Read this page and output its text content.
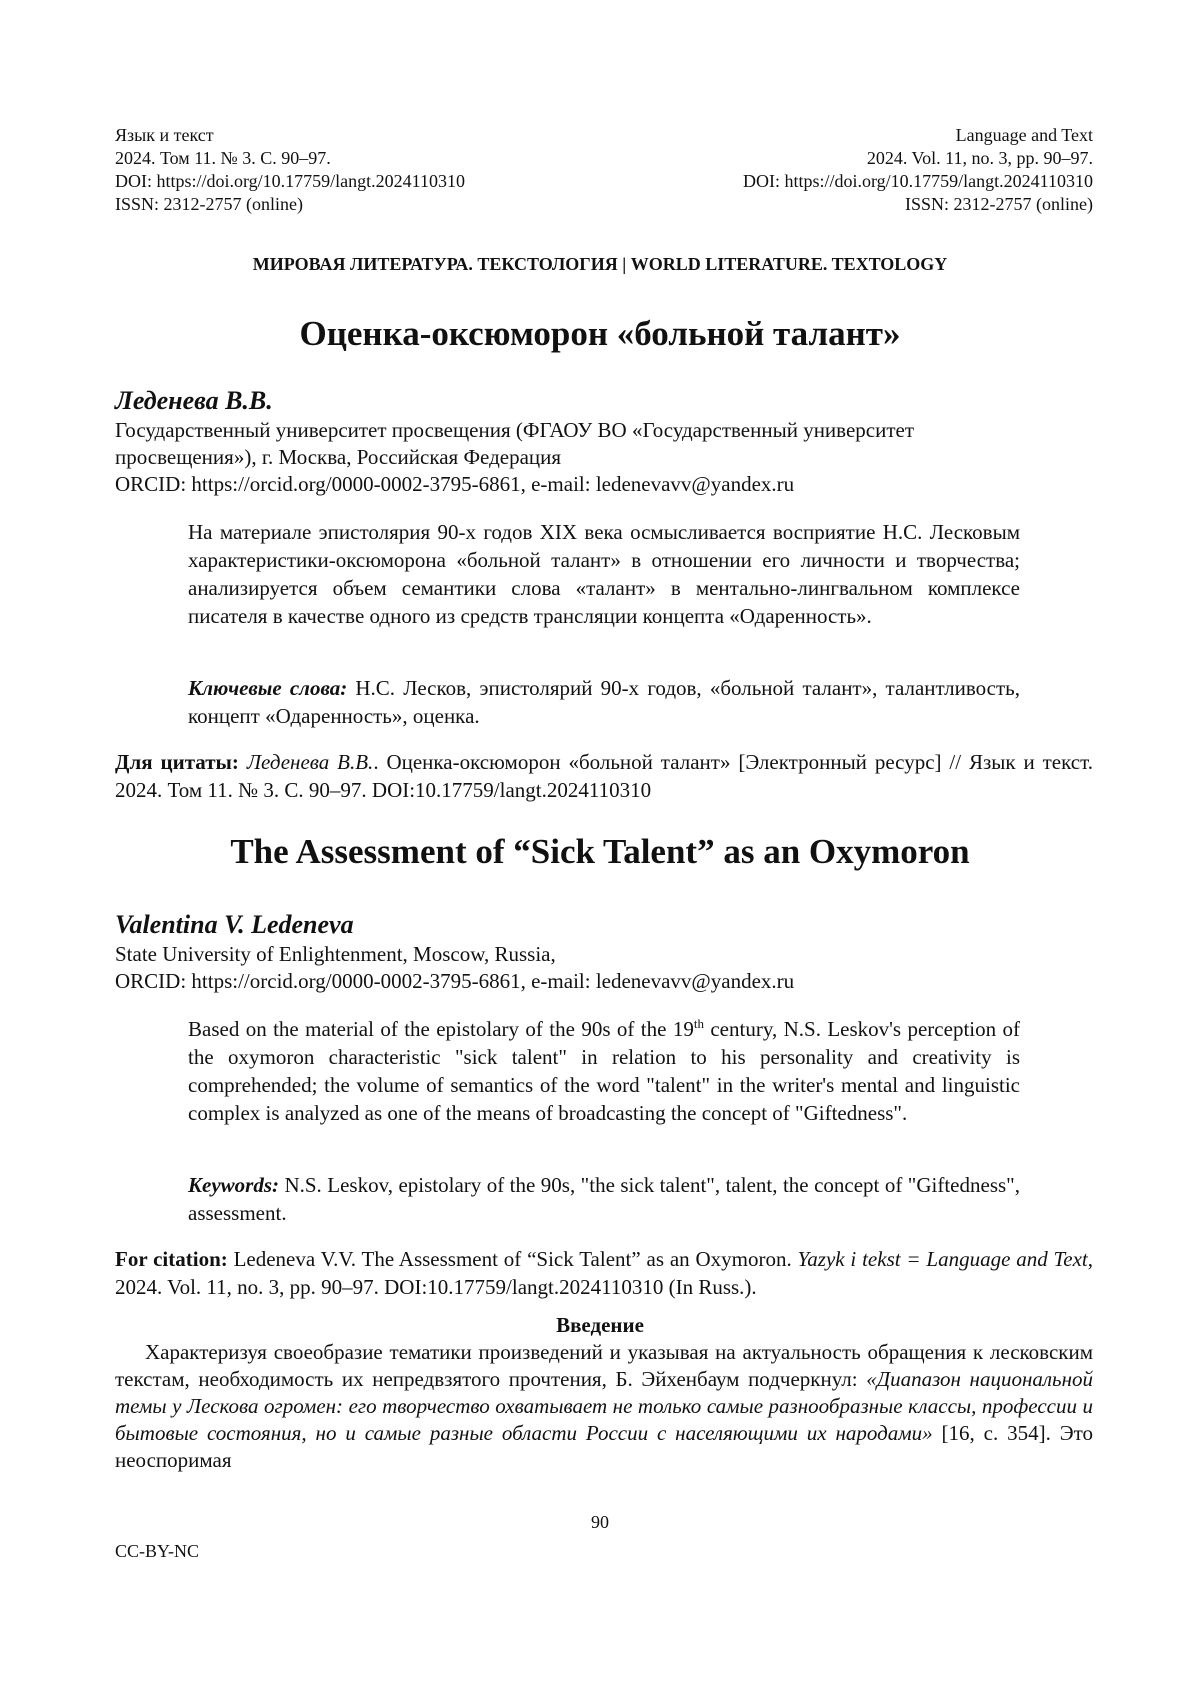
Язык и текст
2024. Том 11. № 3. С. 90–97.
DOI: https://doi.org/10.17759/langt.2024110310
ISSN: 2312-2757 (online)
Language and Text
2024. Vol. 11, no. 3, pp. 90–97.
DOI: https://doi.org/10.17759/langt.2024110310
ISSN: 2312-2757 (online)
МИРОВАЯ ЛИТЕРАТУРА. ТЕКСТОЛОГИЯ | WORLD LITERATURE. TEXTOLOGY
Оценка-оксюморон «больной талант»
Леденева В.В.
Государственный университет просвещения (ФГАОУ ВО «Государственный университет
просвещения»), г. Москва, Российская Федерация
ORCID: https://orcid.org/0000-0002-3795-6861, e-mail: ledenevavv@yandex.ru
На материале эпистолярия 90-х годов XIX века осмысливается восприятие Н.С. Лесковым характеристики-оксюморона «больной талант» в отношении его личности и творчества; анализируется объем семантики слова «талант» в ментально-лингвальном комплексе писателя в качестве одного из средств трансляции концепта «Одаренность».
Ключевые слова: Н.С. Лесков, эпистолярий 90-х годов, «больной талант», талантливость, концепт «Одаренность», оценка.
Для цитаты: Леденева В.В.. Оценка-оксюморон «больной талант» [Электронный ресурс] // Язык и текст. 2024. Том 11. № 3. С. 90–97. DOI:10.17759/langt.2024110310
The Assessment of “Sick Talent” as an Oxymoron
Valentina V. Ledeneva
State University of Enlightenment, Moscow, Russia,
ORCID: https://orcid.org/0000-0002-3795-6861, e-mail: ledenevavv@yandex.ru
Based on the material of the epistolary of the 90s of the 19th century, N.S. Leskov's perception of the oxymoron characteristic "sick talent" in relation to his personality and creativity is comprehended; the volume of semantics of the word "talent" in the writer's mental and linguistic complex is analyzed as one of the means of broadcasting the concept of "Giftedness".
Keywords: N.S. Leskov, epistolary of the 90s, "the sick talent", talent, the concept of "Giftedness", assessment.
For citation: Ledeneva V.V. The Assessment of “Sick Talent” as an Oxymoron. Yazyk i tekst = Language and Text, 2024. Vol. 11, no. 3, pp. 90–97. DOI:10.17759/langt.2024110310 (In Russ.).
Введение
Характеризуя своеобразие тематики произведений и указывая на актуальность обращения к лесковским текстам, необходимость их непредвзятого прочтения, Б. Эйхенбаум подчеркнул: «Диапазон национальной темы у Лескова огромен: его творчество охватывает не только самые разнообразные классы, профессии и бытовые состояния, но и самые разные области России с населяющими их народами» [16, с. 354]. Это неоспоримая
90
CC-BY-NC
